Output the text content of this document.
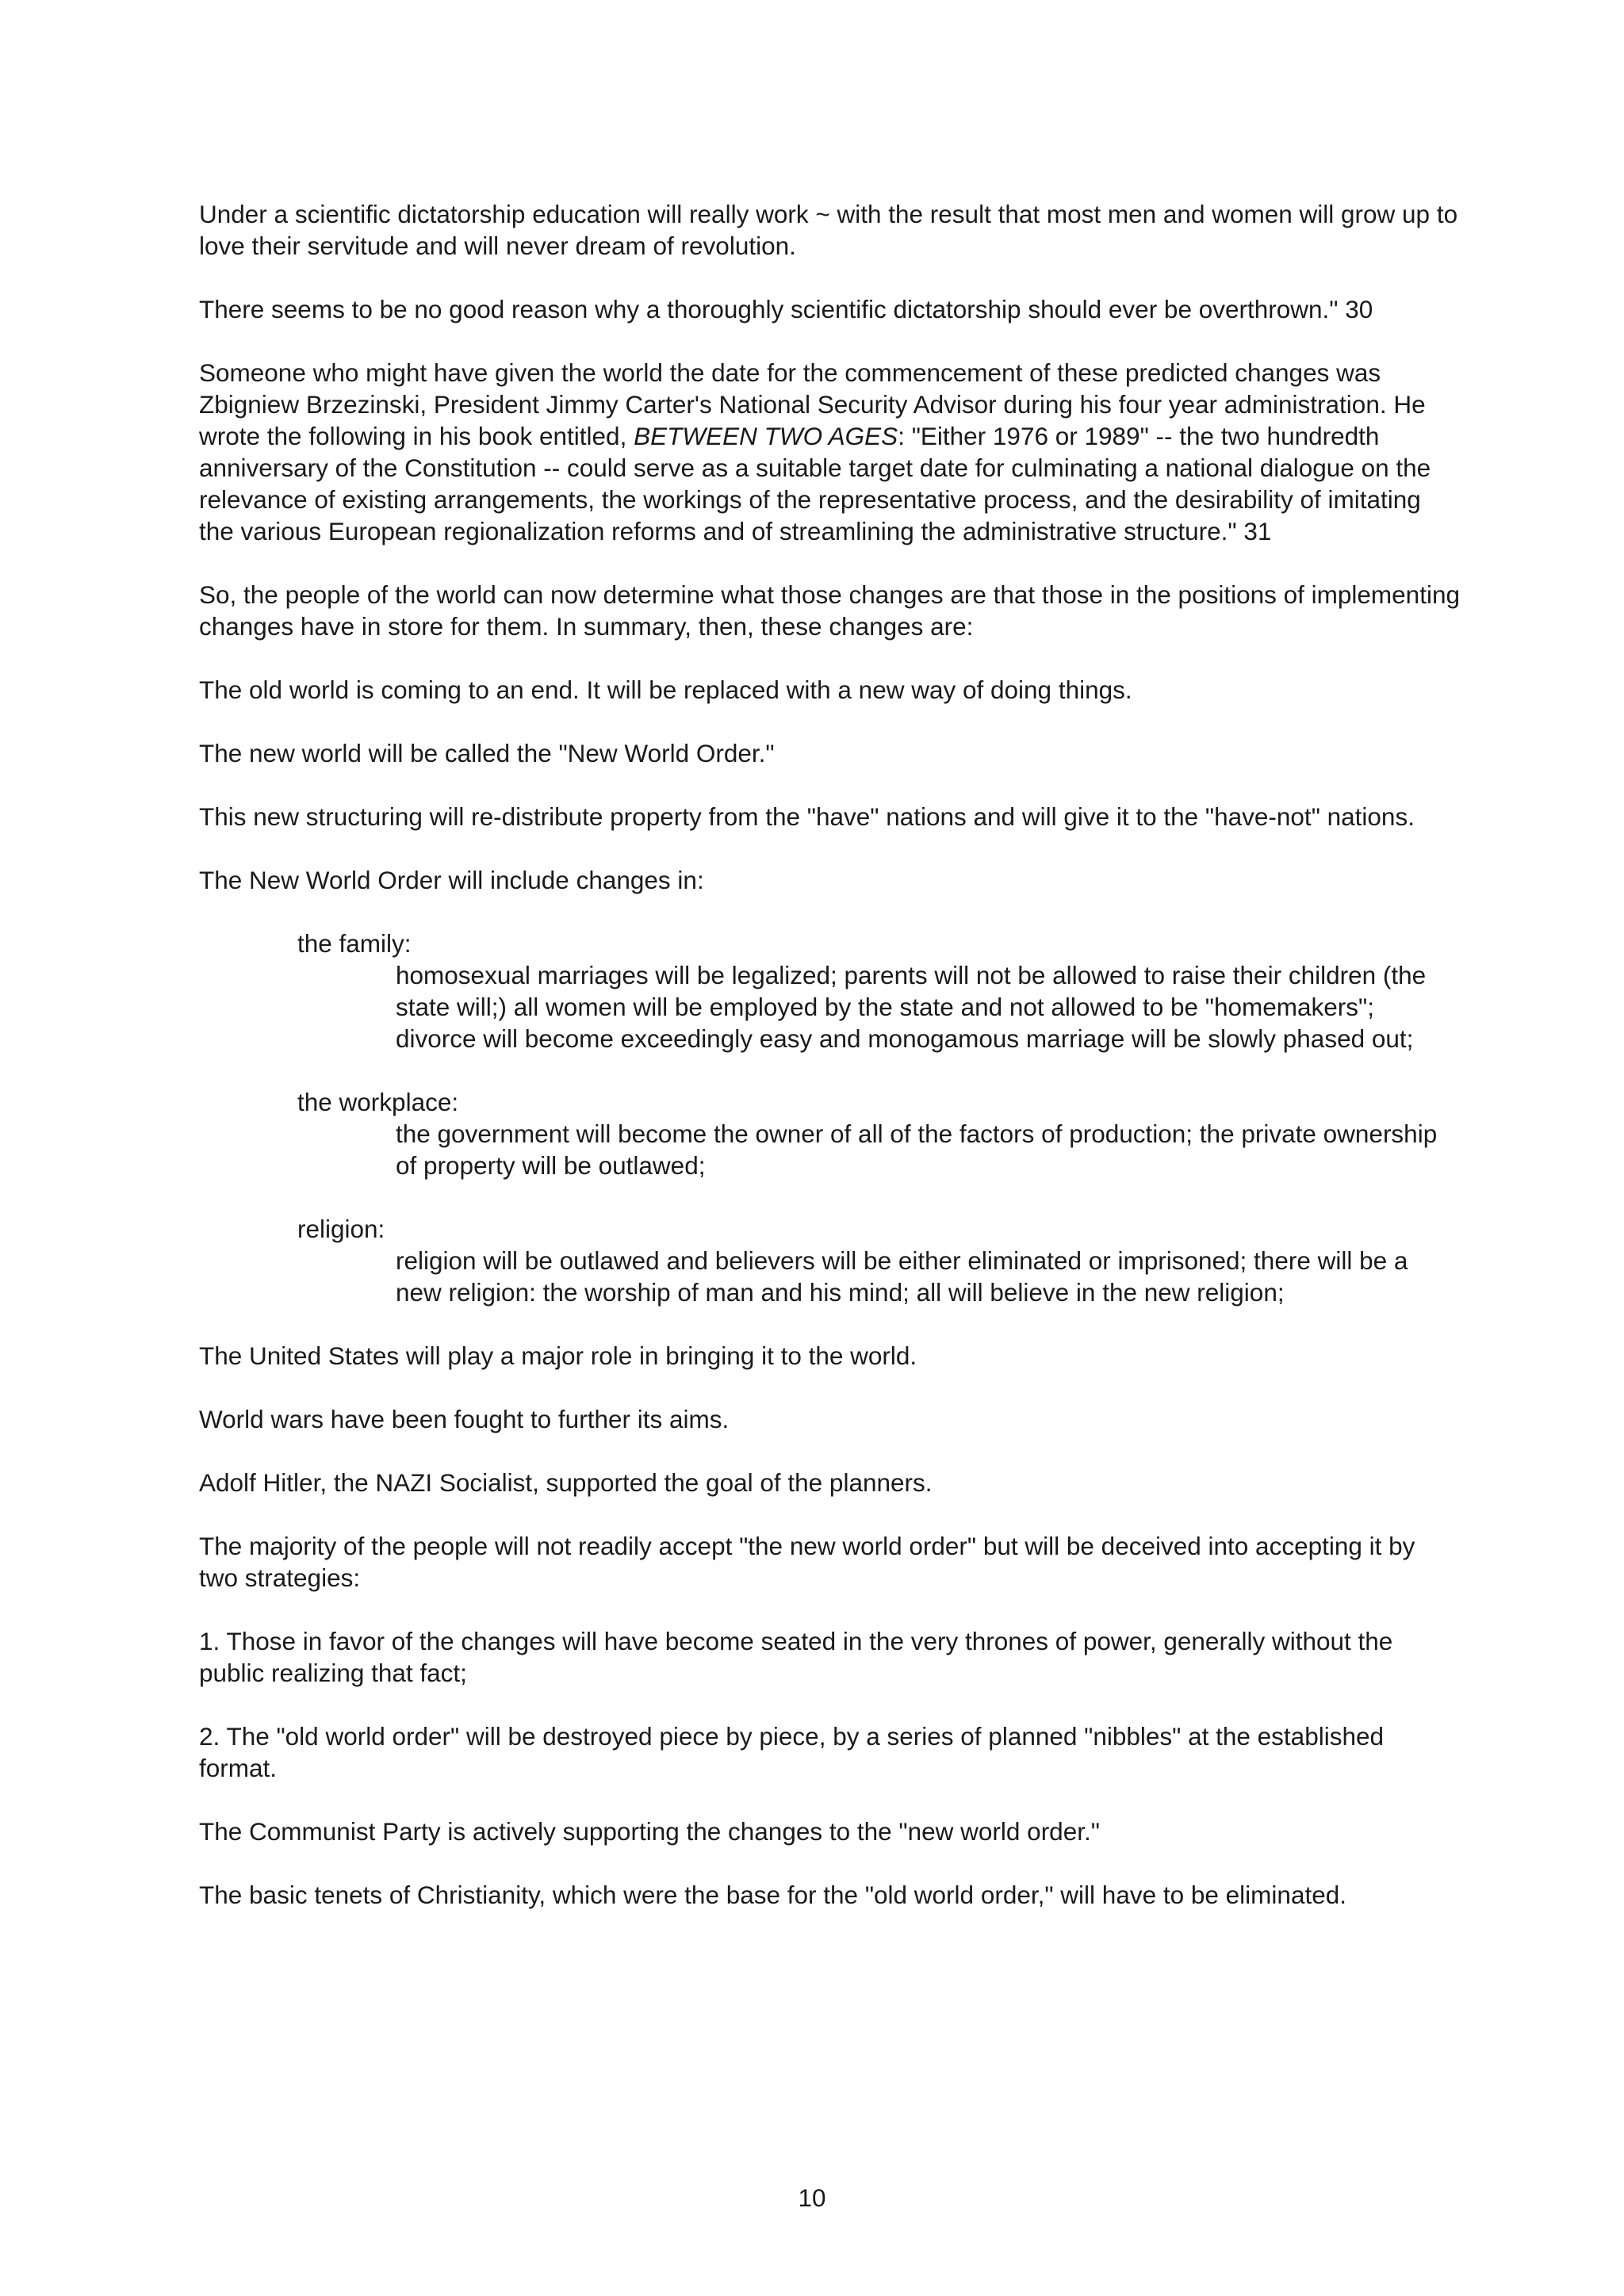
Under a scientific dictatorship education will really work ~ with the result that most men and women will grow up to love their servitude and will never dream of revolution.

There seems to be no good reason why a thoroughly scientific dictatorship should ever be overthrown." 30

Someone who might have given the world the date for the commencement of these predicted changes was Zbigniew Brzezinski, President Jimmy Carter's National Security Advisor during his four year administration. He wrote the following in his book entitled, BETWEEN TWO AGES: "Either 1976 or 1989" -- the two hundredth anniversary of the Constitution -- could serve as a suitable target date for culminating a national dialogue on the relevance of existing arrangements, the workings of the representative process, and the desirability of imitating the various European regionalization reforms and of streamlining the administrative structure." 31

So, the people of the world can now determine what those changes are that those in the positions of implementing changes have in store for them. In summary, then, these changes are:

The old world is coming to an end. It will be replaced with a new way of doing things.

The new world will be called the "New World Order."

This new structuring will re-distribute property from the "have" nations and will give it to the "have-not" nations.

The New World Order will include changes in:

the family:
homosexual marriages will be legalized; parents will not be allowed to raise their children (the state will;) all women will be employed by the state and not allowed to be "homemakers"; divorce will become exceedingly easy and monogamous marriage will be slowly phased out;
the workplace:
the government will become the owner of all of the factors of production; the private ownership of property will be outlawed;
religion:
religion will be outlawed and believers will be either eliminated or imprisoned; there will be a new religion: the worship of man and his mind; all will believe in the new religion;

The United States will play a major role in bringing it to the world.

World wars have been fought to further its aims.

Adolf Hitler, the NAZI Socialist, supported the goal of the planners.

The majority of the people will not readily accept "the new world order" but will be deceived into accepting it by two strategies:

1. Those in favor of the changes will have become seated in the very thrones of power, generally without the public realizing that fact;

2. The "old world order" will be destroyed piece by piece, by a series of planned "nibbles" at the established format.

The Communist Party is actively supporting the changes to the "new world order."

The basic tenets of Christianity, which were the base for the "old world order," will have to be eliminated.

10
